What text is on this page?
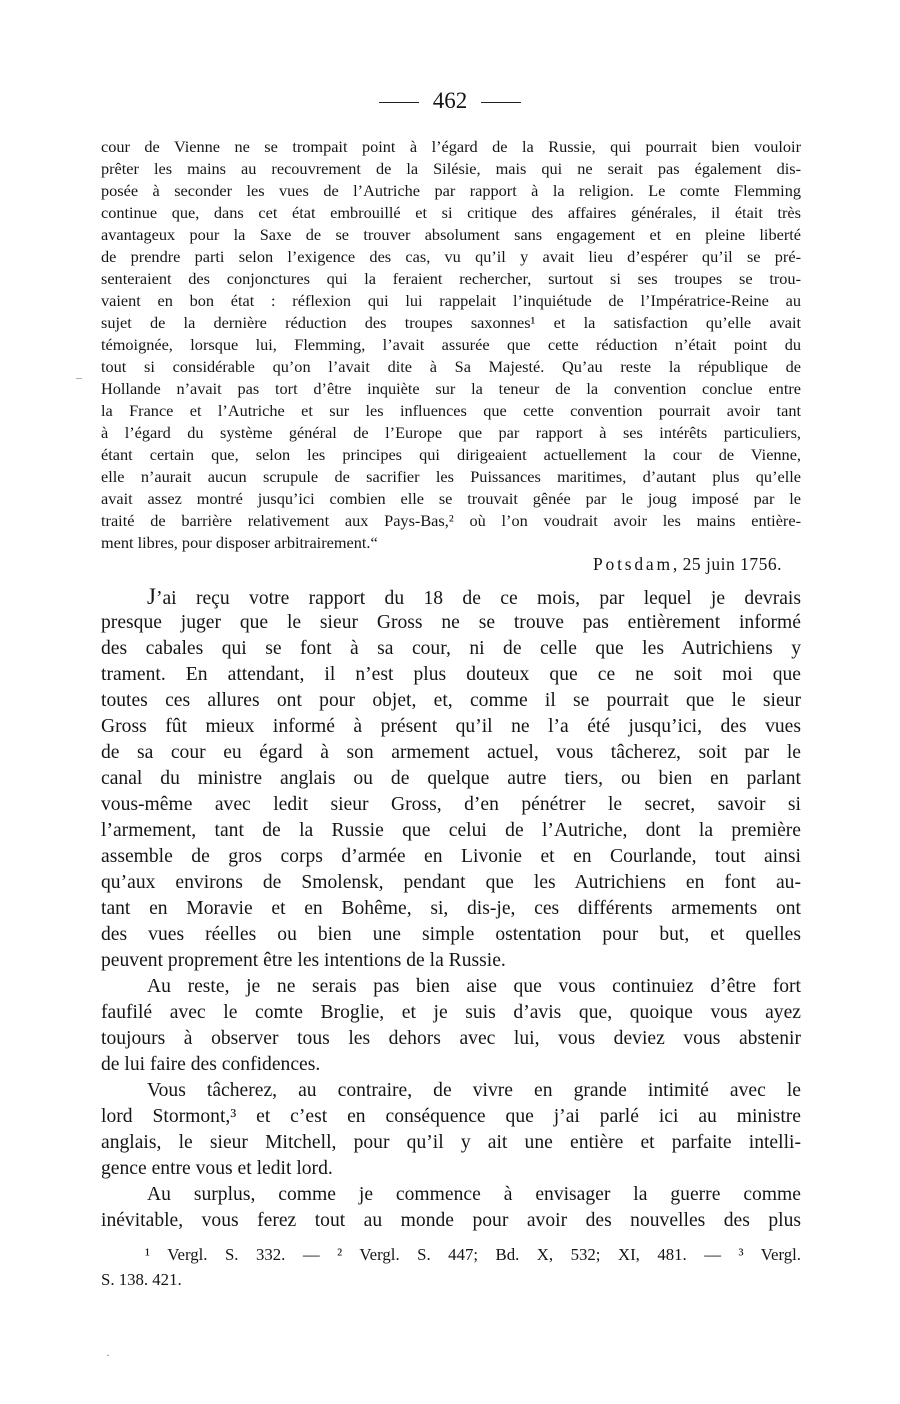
462
cour de Vienne ne se trompait point à l’égard de la Russie, qui pourrait bien vouloir
prêter les mains au recouvrement de la Silésie, mais qui ne serait pas également dis-
posée à seconder les vues de l’Autriche par rapport à la religion. Le comte Flemming
continue que, dans cet état embrouillé et si critique des affaires générales, il était très
avantageux pour la Saxe de se trouver absolument sans engagement et en pleine liberté
de prendre parti selon l’exigence des cas, vu qu’il y avait lieu d’espérer qu’il se pré-
senteraient des conjonctures qui la feraient rechercher, surtout si ses troupes se trou-
vaient en bon état : réflexion qui lui rappelait l’inquiétude de l’Impératrice-Reine au
sujet de la dernière réduction des troupes saxonnes¹ et la satisfaction qu’elle avait
témoignée, lorsque lui, Flemming, l’avait assurée que cette réduction n’était point du
tout si considérable qu’on l’avait dite à Sa Majesté. Qu’au reste la république de
Hollande n’avait pas tort d’être inquiète sur la teneur de la convention conclue entre
la France et l’Autriche et sur les influences que cette convention pourrait avoir tant
à l’égard du système général de l’Europe que par rapport à ses intérêts particuliers,
étant certain que, selon les principes qui dirigeaient actuellement la cour de Vienne,
elle n’aurait aucun scrupule de sacrifier les Puissances maritimes, d’autant plus qu’elle
avait assez montré jusqu’ici combien elle se trouvait gênée par le joug imposé par le
traité de barrière relativement aux Pays-Bas,² où l’on voudrait avoir les mains entière-
ment libres, pour disposer arbitrairement.“
Potsdam, 25 juin 1756.
J’ai reçu votre rapport du 18 de ce mois, par lequel je devrais
presque juger que le sieur Gross ne se trouve pas entièrement informé
des cabales qui se font à sa cour, ni de celle que les Autrichiens y
trament. En attendant, il n’est plus douteux que ce ne soit moi que
toutes ces allures ont pour objet, et, comme il se pourrait que le sieur
Gross fût mieux informé à présent qu’il ne l’a été jusqu’ici, des vues
de sa cour eu égard à son armement actuel, vous tâcherez, soit par le
canal du ministre anglais ou de quelque autre tiers, ou bien en parlant
vous-même avec ledit sieur Gross, d’en pénétrer le secret, savoir si
l’armement, tant de la Russie que celui de l’Autriche, dont la première
assemble de gros corps d’armée en Livonie et en Courlande, tout ainsi
qu’aux environs de Smolensk, pendant que les Autrichiens en font au-
tant en Moravie et en Bohême, si, dis-je, ces différents armements ont
des vues réelles ou bien une simple ostentation pour but, et quelles
peuvent proprement être les intentions de la Russie.
Au reste, je ne serais pas bien aise que vous continuiez d’être fort
faufilé avec le comte Broglie, et je suis d’avis que, quoique vous ayez
toujours à observer tous les dehors avec lui, vous deviez vous abstenir
de lui faire des confidences.
Vous tâcherez, au contraire, de vivre en grande intimité avec le
lord Stormont,³ et c’est en conséquence que j’ai parlé ici au ministre
anglais, le sieur Mitchell, pour qu’il y ait une entière et parfaite intelli-
gence entre vous et ledit lord.
Au surplus, comme je commence à envisager la guerre comme
inévitable, vous ferez tout au monde pour avoir des nouvelles des plus
¹ Vergl. S. 332. — ² Vergl. S. 447; Bd. X, 532; XI, 481. — ³ Vergl.
S. 138. 421.
–
·
